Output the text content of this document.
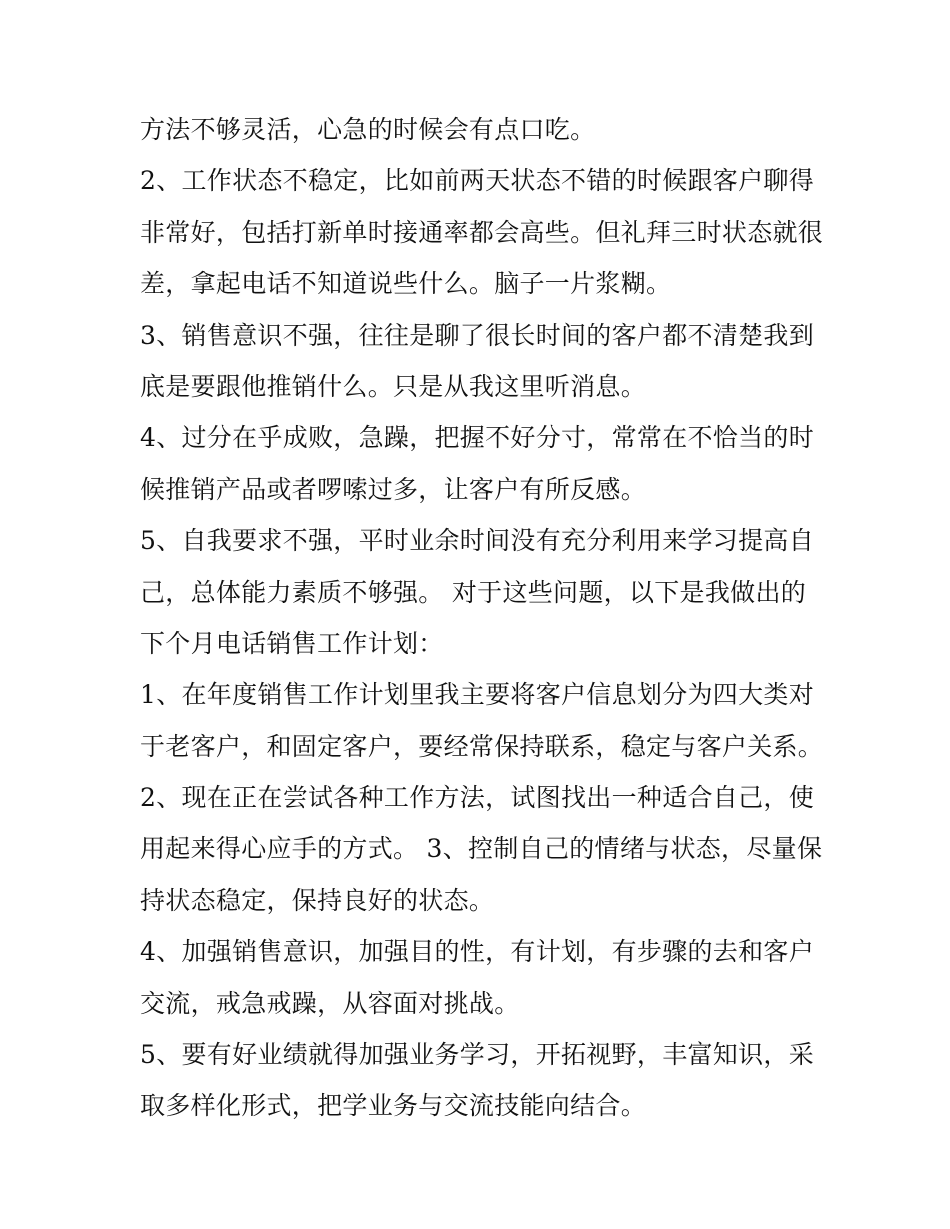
方法不够灵活，心急的时候会有点口吃。
2、工作状态不稳定，比如前两天状态不错的时候跟客户聊得
非常好，包括打新单时接通率都会高些。但礼拜三时状态就很
差，拿起电话不知道说些什么。脑子一片浆糊。
3、销售意识不强，往往是聊了很长时间的客户都不清楚我到
底是要跟他推销什么。只是从我这里听消息。
4、过分在乎成败，急躁，把握不好分寸，常常在不恰当的时
候推销产品或者啰嗦过多，让客户有所反感。
5、自我要求不强，平时业余时间没有充分利用来学习提高自
己，总体能力素质不够强。 对于这些问题，以下是我做出的
下个月电话销售工作计划：
1、在年度销售工作计划里我主要将客户信息划分为四大类对
于老客户，和固定客户，要经常保持联系，稳定与客户关系。
2、现在正在尝试各种工作方法，试图找出一种适合自己，使
用起来得心应手的方式。 3、控制自己的情绪与状态，尽量保
持状态稳定，保持良好的状态。
4、加强销售意识，加强目的性，有计划，有步骤的去和客户
交流，戒急戒躁，从容面对挑战。
5、要有好业绩就得加强业务学习，开拓视野，丰富知识，采
取多样化形式，把学业务与交流技能向结合。
